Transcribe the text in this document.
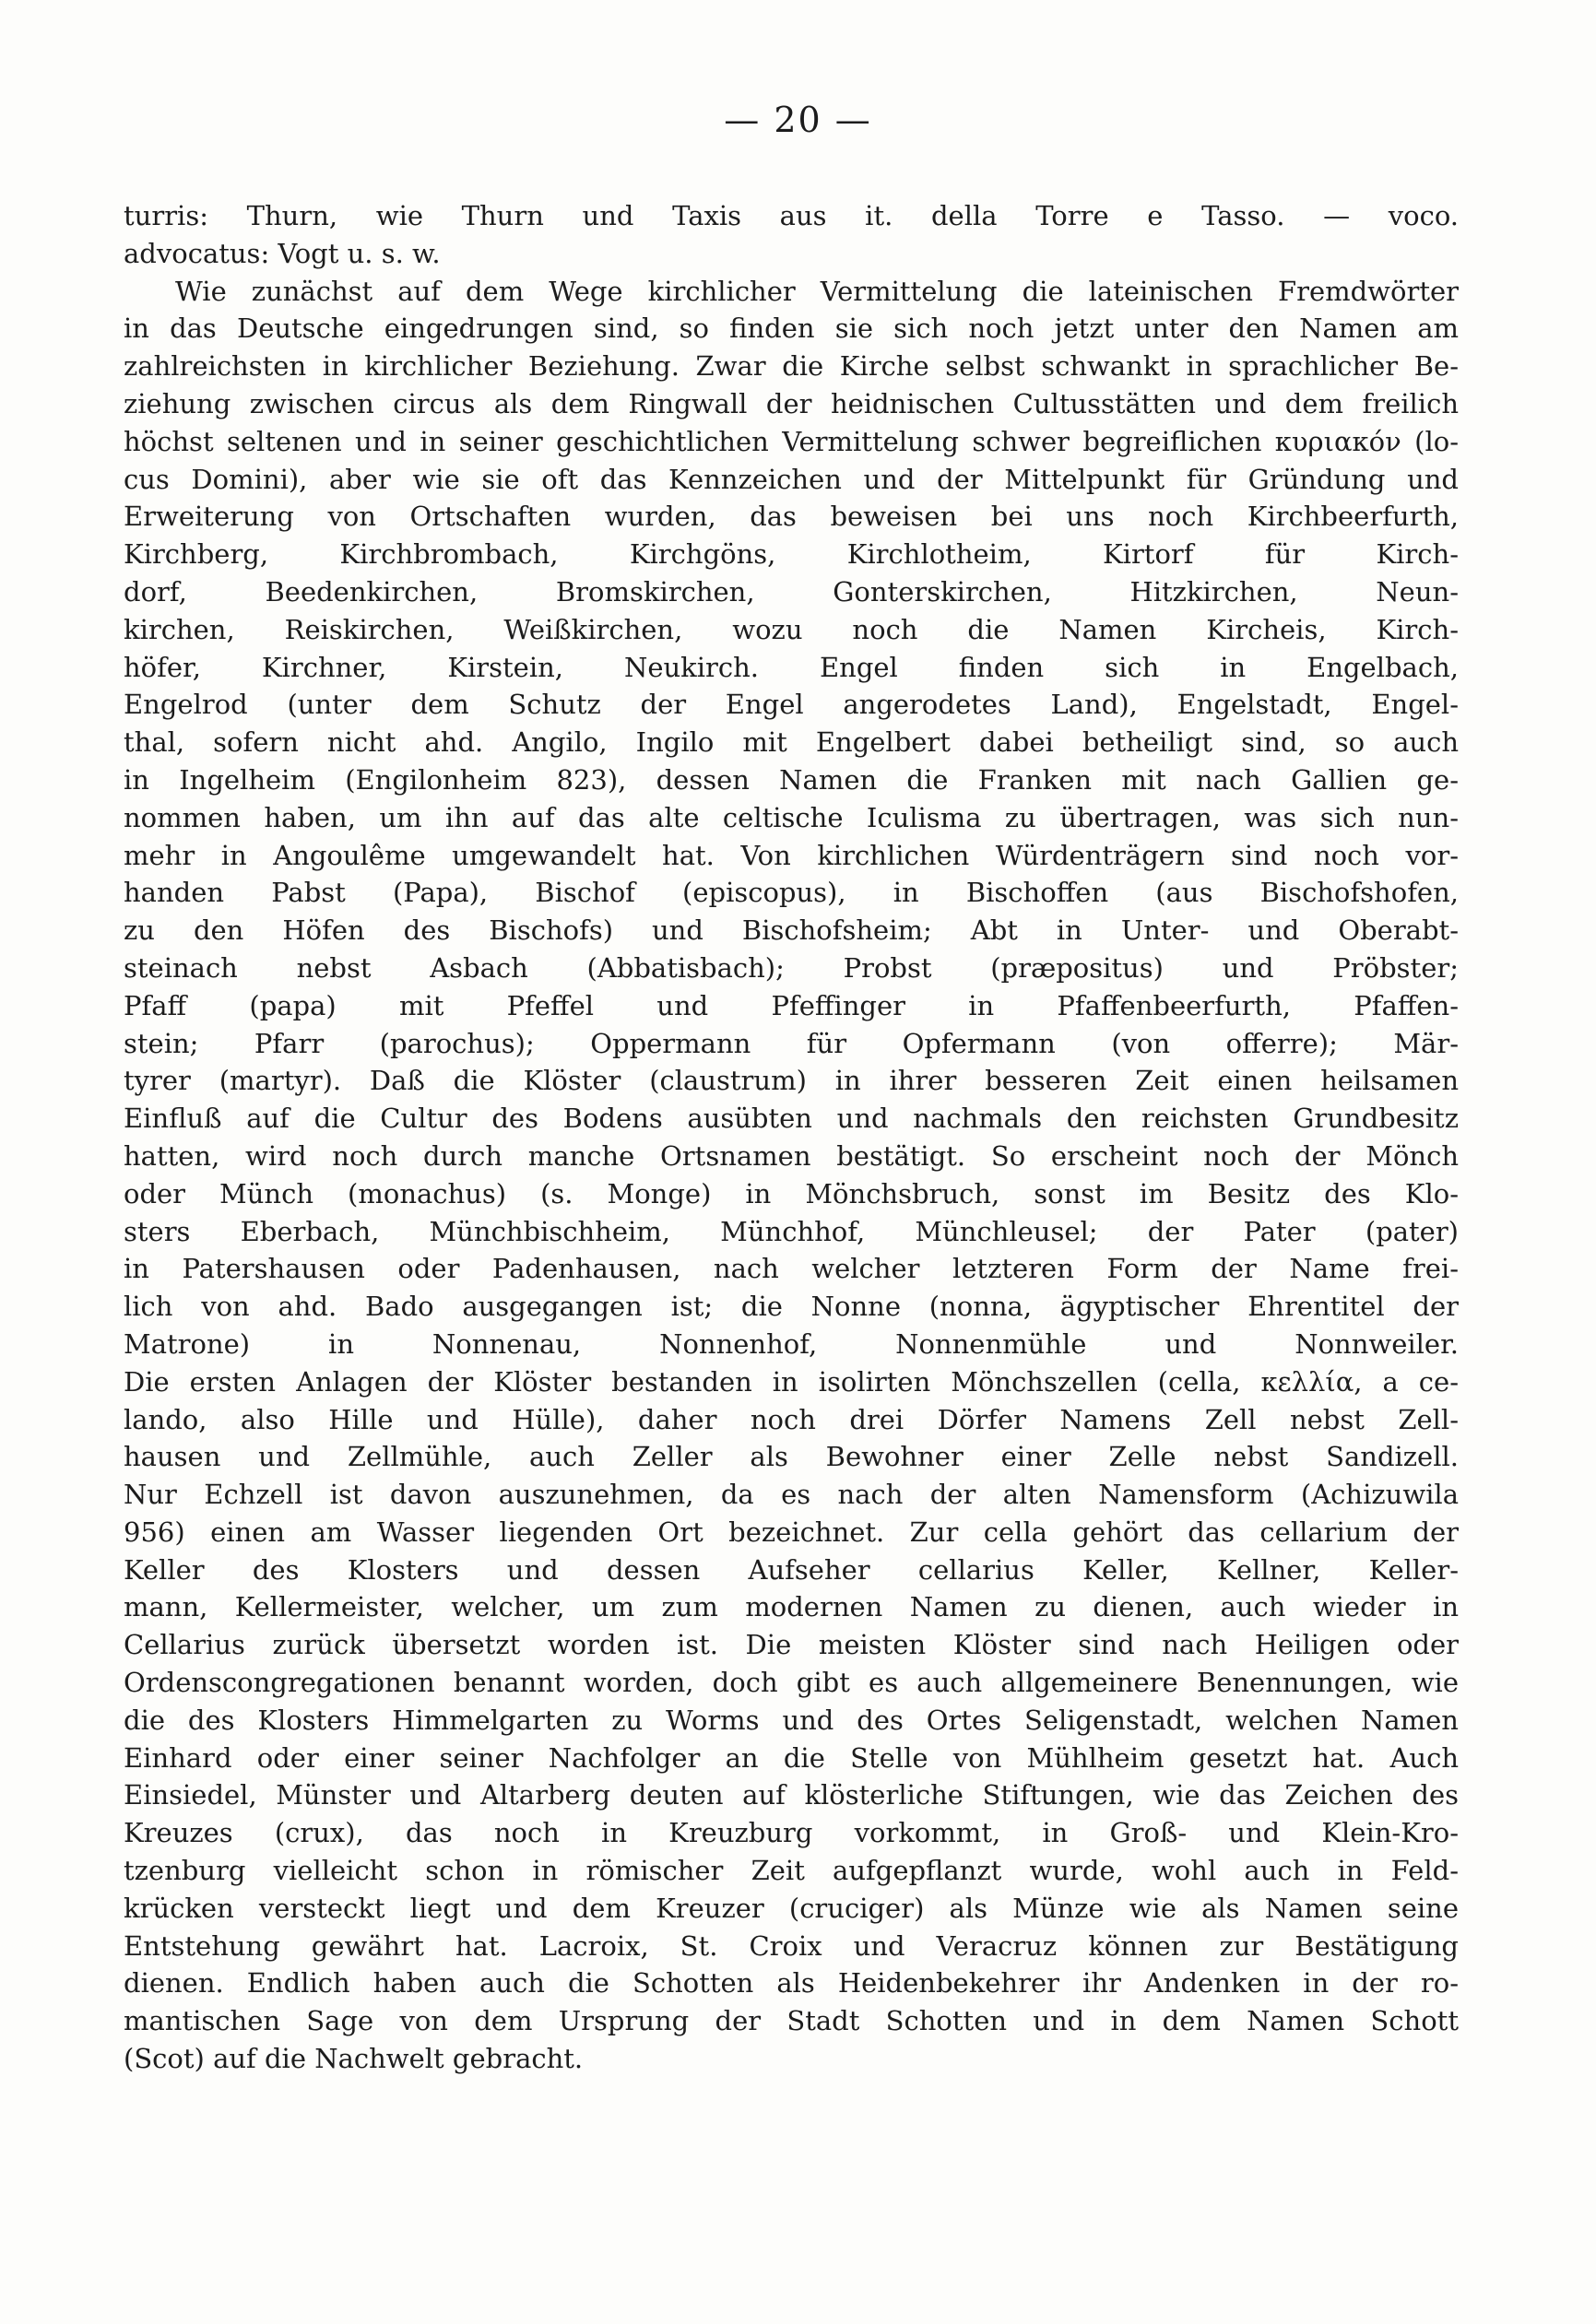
— 20 —
turris: Thurn, wie Thurn und Taxis aus it. della Torre e Tasso. — voco.
advocatus: Vogt u. s. w.
Wie zunächst auf dem Wege kirchlicher Vermittelung die lateinischen Fremdwörter
in das Deutsche eingedrungen sind, so finden sie sich noch jetzt unter den Namen am
zahlreichsten in kirchlicher Beziehung. Zwar die Kirche selbst schwankt in sprachlicher Be-
ziehung zwischen circus als dem Ringwall der heidnischen Cultusstätten und dem freilich
höchst seltenen und in seiner geschichtlichen Vermittelung schwer begreiflichen κυριακόν (lo-
cus Domini), aber wie sie oft das Kennzeichen und der Mittelpunkt für Gründung und
Erweiterung von Ortschaften wurden, das beweisen bei uns noch Kirchbeerfurth,
Kirchberg, Kirchbrombach, Kirchgöns, Kirchlotheim, Kirtorf für Kirch-
dorf, Beedenkirchen, Bromskirchen, Gonterskirchen, Hitzkirchen, Neun-
kirchen, Reiskirchen, Weißkirchen, wozu noch die Namen Kircheis, Kirch-
höfer, Kirchner, Kirstein, Neukirch. Engel finden sich in Engelbach,
Engelrod (unter dem Schutz der Engel angerodetes Land), Engelstadt, Engel-
thal, sofern nicht ahd. Angilo, Ingilo mit Engelbert dabei betheiligt sind, so auch
in Ingelheim (Engilonheim 823), dessen Namen die Franken mit nach Gallien ge-
nommen haben, um ihn auf das alte celtische Iculisma zu übertragen, was sich nun-
mehr in Angoulême umgewandelt hat. Von kirchlichen Würdenträgern sind noch vor-
handen Pabst (Papa), Bischof (episcopus), in Bischoffen (aus Bischofshofen,
zu den Höfen des Bischofs) und Bischofsheim; Abt in Unter- und Oberabt-
steinach nebst Asbach (Abbatisbach); Probst (præpositus) und Pröbster;
Pfaff (papa) mit Pfeffel und Pfeffinger in Pfaffenbeerfurth, Pfaffen-
stein; Pfarr (parochus); Oppermann für Opfermann (von offerre); Mär-
tyrer (martyr). Daß die Klöster (claustrum) in ihrer besseren Zeit einen heilsamen
Einfluß auf die Cultur des Bodens ausübten und nachmals den reichsten Grundbesitz
hatten, wird noch durch manche Ortsnamen bestätigt. So erscheint noch der Mönch
oder Münch (monachus) (s. Monge) in Mönchsbruch, sonst im Besitz des Klo-
sters Eberbach, Münchbischheim, Münchhof, Münchleusel; der Pater (pater)
in Patershausen oder Padenhausen, nach welcher letzteren Form der Name frei-
lich von ahd. Bado ausgegangen ist; die Nonne (nonna, ägyptischer Ehrentitel der
Matrone) in Nonnenau, Nonnenhof, Nonnenmühle und Nonnweiler.
Die ersten Anlagen der Klöster bestanden in isolirten Mönchszellen (cella, κελλία, a ce-
lando, also Hille und Hülle), daher noch drei Dörfer Namens Zell nebst Zell-
hausen und Zellmühle, auch Zeller als Bewohner einer Zelle nebst Sandizell.
Nur Echzell ist davon auszunehmen, da es nach der alten Namensform (Achizuwila
956) einen am Wasser liegenden Ort bezeichnet. Zur cella gehört das cellarium der
Keller des Klosters und dessen Aufseher cellarius Keller, Kellner, Keller-
mann, Kellermeister, welcher, um zum modernen Namen zu dienen, auch wieder in
Cellarius zurück übersetzt worden ist. Die meisten Klöster sind nach Heiligen oder
Ordenscongregationen benannt worden, doch gibt es auch allgemeinere Benennungen, wie
die des Klosters Himmelgarten zu Worms und des Ortes Seligenstadt, welchen Namen
Einhard oder einer seiner Nachfolger an die Stelle von Mühlheim gesetzt hat. Auch
Einsiedel, Münster und Altarberg deuten auf klösterliche Stiftungen, wie das Zeichen des
Kreuzes (crux), das noch in Kreuzburg vorkommt, in Groß- und Klein-Kro-
tzenburg vielleicht schon in römischer Zeit aufgepflanzt wurde, wohl auch in Feld-
krücken versteckt liegt und dem Kreuzer (cruciger) als Münze wie als Namen seine
Entstehung gewährt hat. Lacroix, St. Croix und Veracruz können zur Bestätigung
dienen. Endlich haben auch die Schotten als Heidenbekehrer ihr Andenken in der ro-
mantischen Sage von dem Ursprung der Stadt Schotten und in dem Namen Schott
(Scot) auf die Nachwelt gebracht.
